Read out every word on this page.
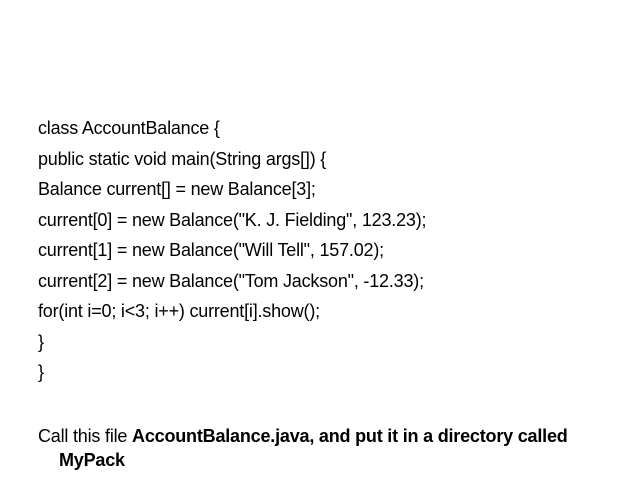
class AccountBalance {
public static void main(String args[]) {
Balance current[] = new Balance[3];
current[0] = new Balance("K. J. Fielding", 123.23);
current[1] = new Balance("Will Tell", 157.02);
current[2] = new Balance("Tom Jackson", -12.33);
for(int i=0; i<3; i++) current[i].show();
}
}
Call this file AccountBalance.java, and put it in a directory called
MyPack
